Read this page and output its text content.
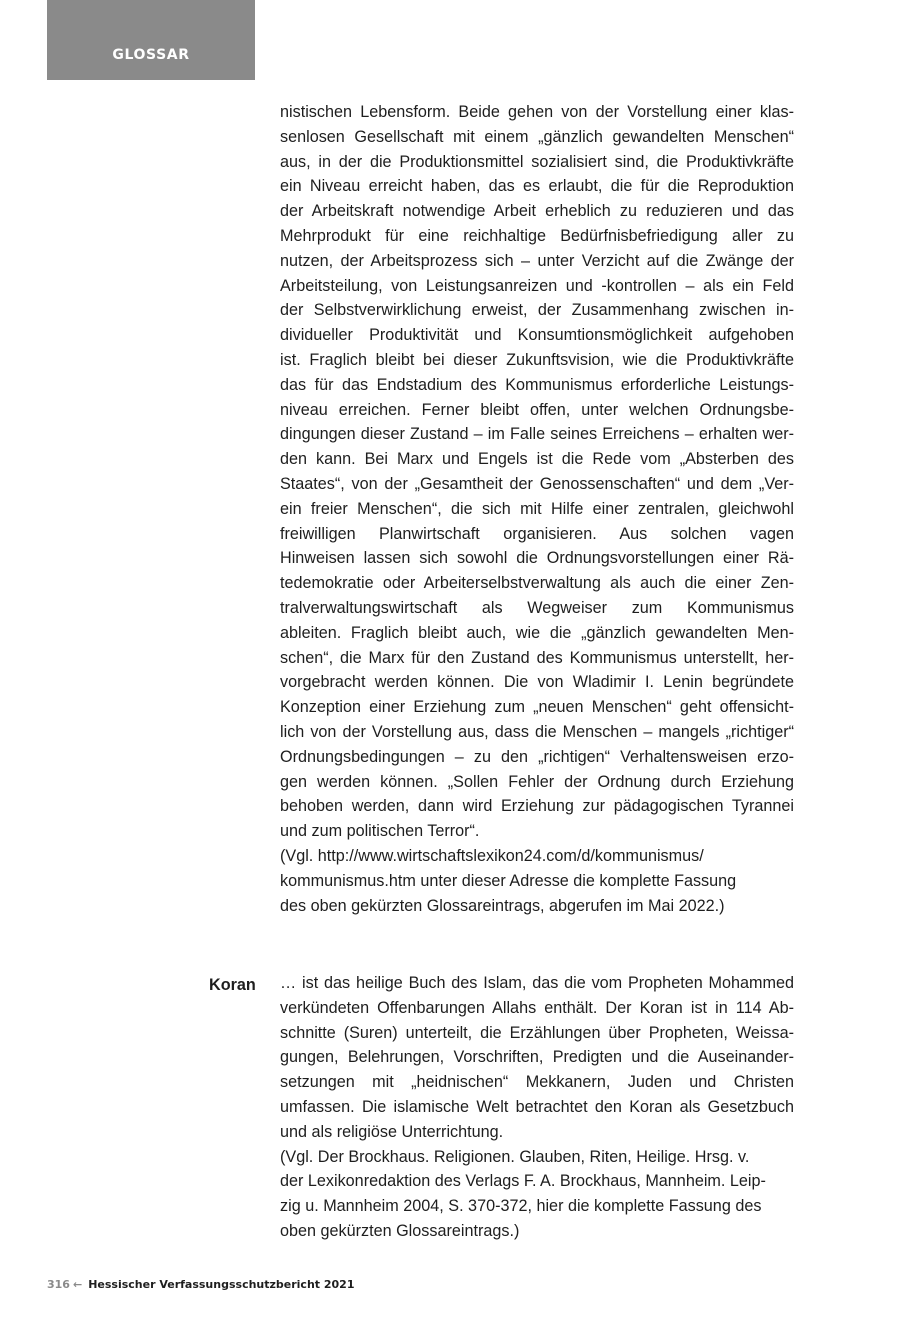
GLOSSAR
nistischen Lebensform. Beide gehen von der Vorstellung einer klas-
senlosen Gesellschaft mit einem „gänzlich gewandelten Menschen“
aus, in der die Produktionsmittel sozialisiert sind, die Produktivkräfte
ein Niveau erreicht haben, das es erlaubt, die für die Reproduktion
der Arbeitskraft notwendige Arbeit erheblich zu reduzieren und das
Mehrprodukt für eine reichhaltige Bedürfnisbefriedigung aller zu
nutzen, der Arbeitsprozess sich – unter Verzicht auf die Zwänge der
Arbeitsteilung, von Leistungsanreizen und -kontrollen – als ein Feld
der Selbstverwirklichung erweist, der Zusammenhang zwischen in-
dividueller Produktivität und Konsumtionsmöglichkeit aufgehoben
ist. Fraglich bleibt bei dieser Zukunftsvision, wie die Produktivkräfte
das für das Endstadium des Kommunismus erforderliche Leistungs-
niveau erreichen. Ferner bleibt offen, unter welchen Ordnungsbe-
dingungen dieser Zustand – im Falle seines Erreichens – erhalten wer-
den kann. Bei Marx und Engels ist die Rede vom „Absterben des
Staates“, von der „Gesamtheit der Genossenschaften“ und dem „Ver-
ein freier Menschen“, die sich mit Hilfe einer zentralen, gleichwohl
freiwilligen Planwirtschaft organisieren. Aus solchen vagen
Hinweisen lassen sich sowohl die Ordnungsvorstellungen einer Rä-
tedemokratie oder Arbeiterselbstverwaltung als auch die einer Zen-
tralverwaltungswirtschaft als Wegweiser zum Kommunismus
ableiten. Fraglich bleibt auch, wie die „gänzlich gewandelten Men-
schen“, die Marx für den Zustand des Kommunismus unterstellt, her-
vorgebracht werden können. Die von Wladimir I. Lenin begründete
Konzeption einer Erziehung zum „neuen Menschen“ geht offensicht-
lich von der Vorstellung aus, dass die Menschen – mangels „richtiger“
Ordnungsbedingungen – zu den „richtigen“ Verhaltensweisen erzo-
gen werden können. „Sollen Fehler der Ordnung durch Erziehung
behoben werden, dann wird Erziehung zur pädagogischen Tyrannei
und zum politischen Terror“.
(Vgl. http://www.wirtschaftslexikon24.com/d/kommunismus/
kommunismus.htm unter dieser Adresse die komplette Fassung
des oben gekürzten Glossareintrags, abgerufen im Mai 2022.)
Koran … ist das heilige Buch des Islam, das die vom Propheten Mohammed
verkündeten Offenbarungen Allahs enthält. Der Koran ist in 114 Ab-
schnitte (Suren) unterteilt, die Erzählungen über Propheten, Weissa-
gungen, Belehrungen, Vorschriften, Predigten und die Auseinander-
setzungen mit „heidnischen“ Mekkanern, Juden und Christen
umfassen. Die islamische Welt betrachtet den Koran als Gesetzbuch
und als religiöse Unterrichtung.
(Vgl. Der Brockhaus. Religionen. Glauben, Riten, Heilige. Hrsg. v.
der Lexikonredaktion des Verlags F. A. Brockhaus, Mannheim. Leip-
zig u. Mannheim 2004, S. 370-372, hier die komplette Fassung des
oben gekürzten Glossareintrags.)
316 ← Hessischer Verfassungsschutzbericht 2021
